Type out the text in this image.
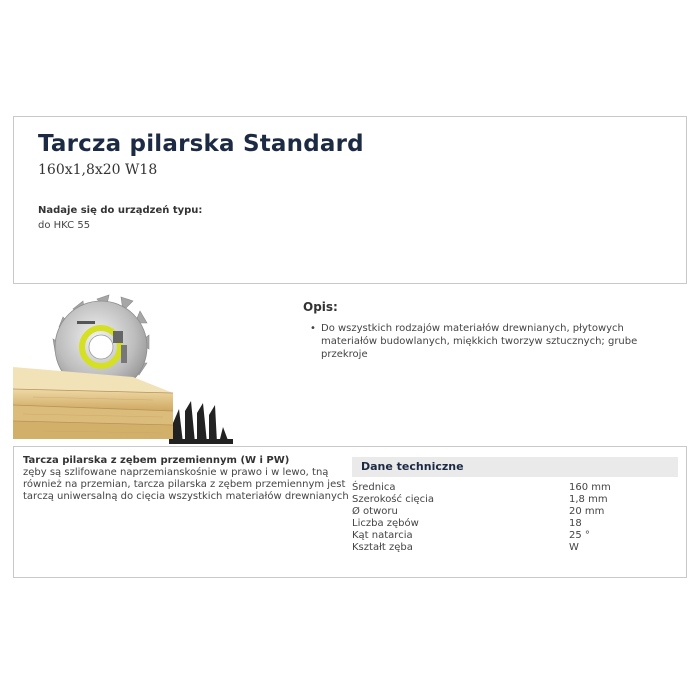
Tarcza pilarska Standard
160x1,8x20 W18
Nadaje się do urządzeń typu:
do HKC 55
Opis:
• Do wszystkich rodzajów materiałów drewnianych, płytowych materiałów budowlanych, miękkich tworzyw sztucznych; grube przekroje
Tarcza pilarska z zębem przemiennym (W i PW)
zęby są szlifowane naprzemianskośnie w prawo i w lewo, tną również na przemian, tarcza pilarska z zębem przemiennym jest tarczą uniwersalną do cięcia wszystkich materiałów drewnianych
Dane techniczne
Średnica	160 mm
Szerokość cięcia	1,8 mm
Ø otworu	20 mm
Liczba zębów	18
Kąt natarcia	25 °
Kształt zęba	W
